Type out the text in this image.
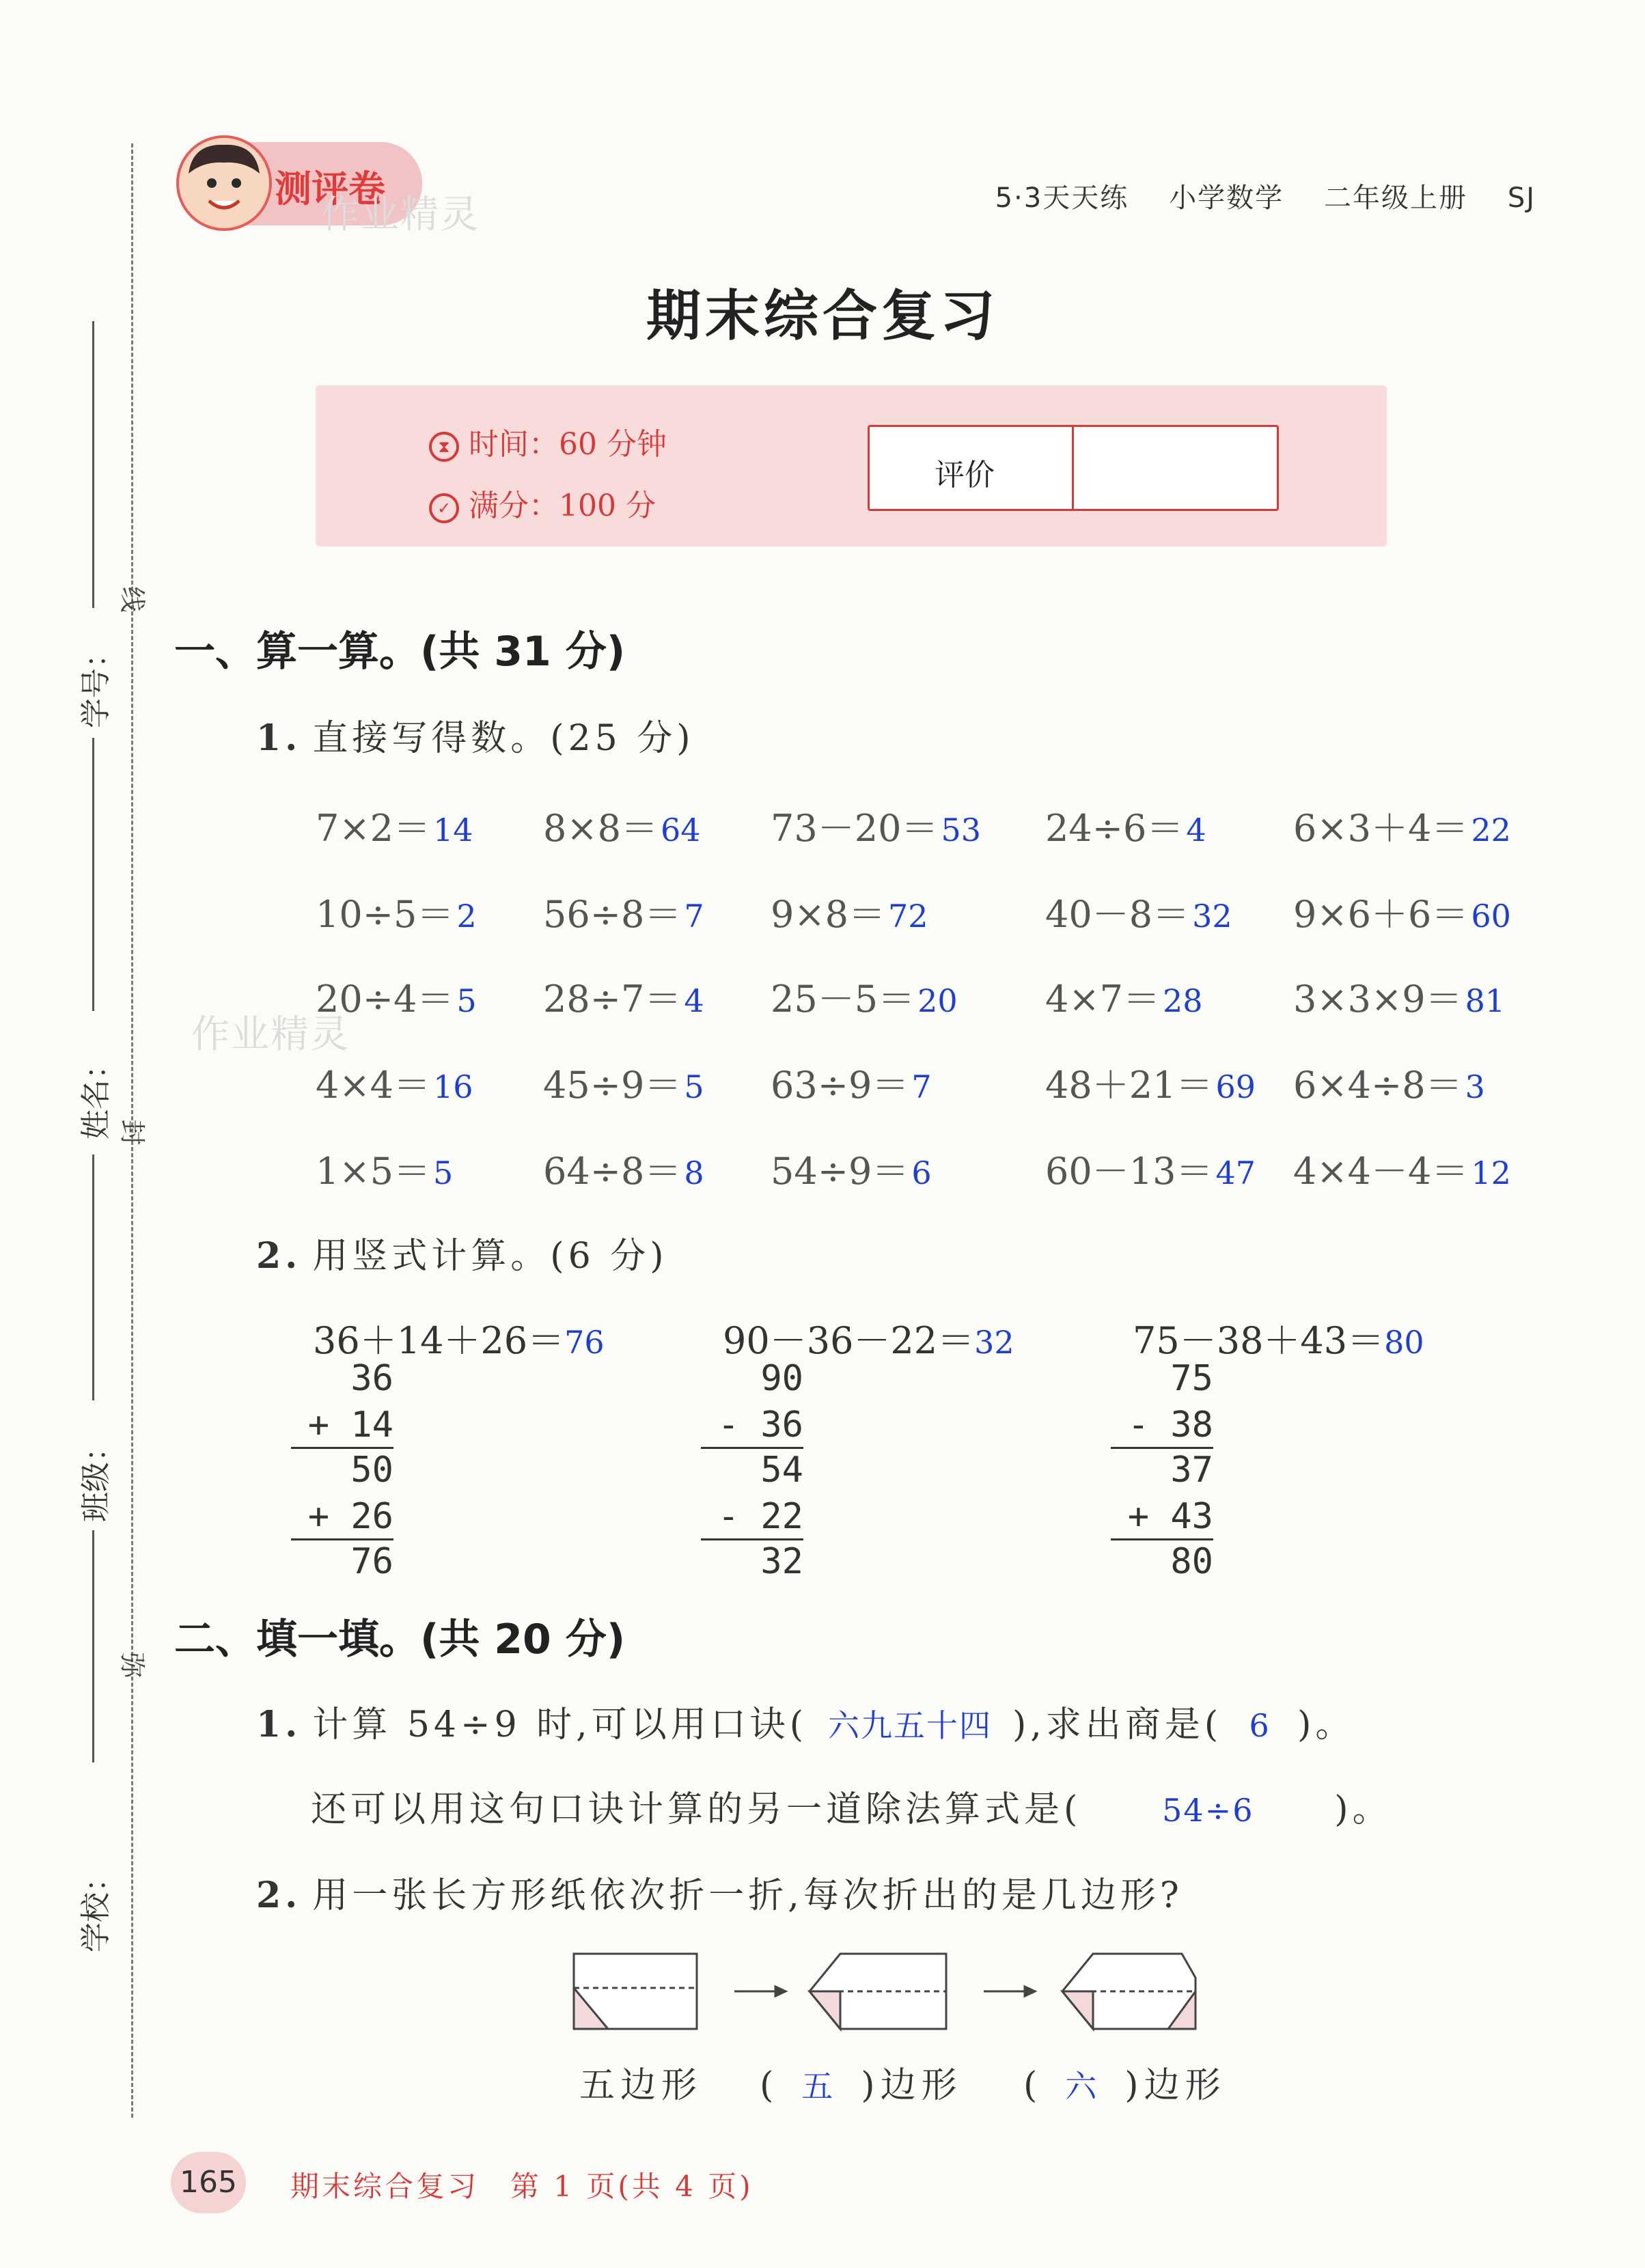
学号：
姓名：
班级：
学校：
线
封
弥
测评卷
作业精灵	5·3天天练 小学数学 二年级上册 SJ
期末综合复习
⧗ 时间：60 分钟
✓ 满分：100 分
评价
一、算一算。(共 31 分)
1. 直接写得数。(25 分)
7×2＝14 8×8＝64 73－20＝53 24÷6＝4 6×3＋4＝22
10÷5＝2 56÷8＝7 9×8＝72	40－8＝32 9×6＋6＝60
20÷4＝5 28÷7＝4 25－5＝20 4×7＝28 3×3×9＝81
4×4＝16 45÷9＝5 63÷9＝7	48＋21＝69 6×4÷8＝3
1×5＝5 64÷8＝8 54÷9＝6	60－13＝47 4×4－4＝12
作业精灵
2. 用竖式计算。(6 分)
36＋14＋26＝76
36
+ 14
50
+ 26
76
90－36－22＝32
90
- 36
54
- 22
32
75－38＋43＝80
75
- 38
37
+ 43
80
二、填一填。(共 20 分)
1. 计算 54÷9 时,可以用口诀( 六九五十四 ),求出商是( 6 )。
还可以用这句口诀计算的另一道除法算式是(	54÷6 )。
2. 用一张长方形纸依次折一折,每次折出的是几边形?
五边形 ( 五 )边形 ( 六 )边形
165	期末综合复习　第 1 页(共 4 页)
